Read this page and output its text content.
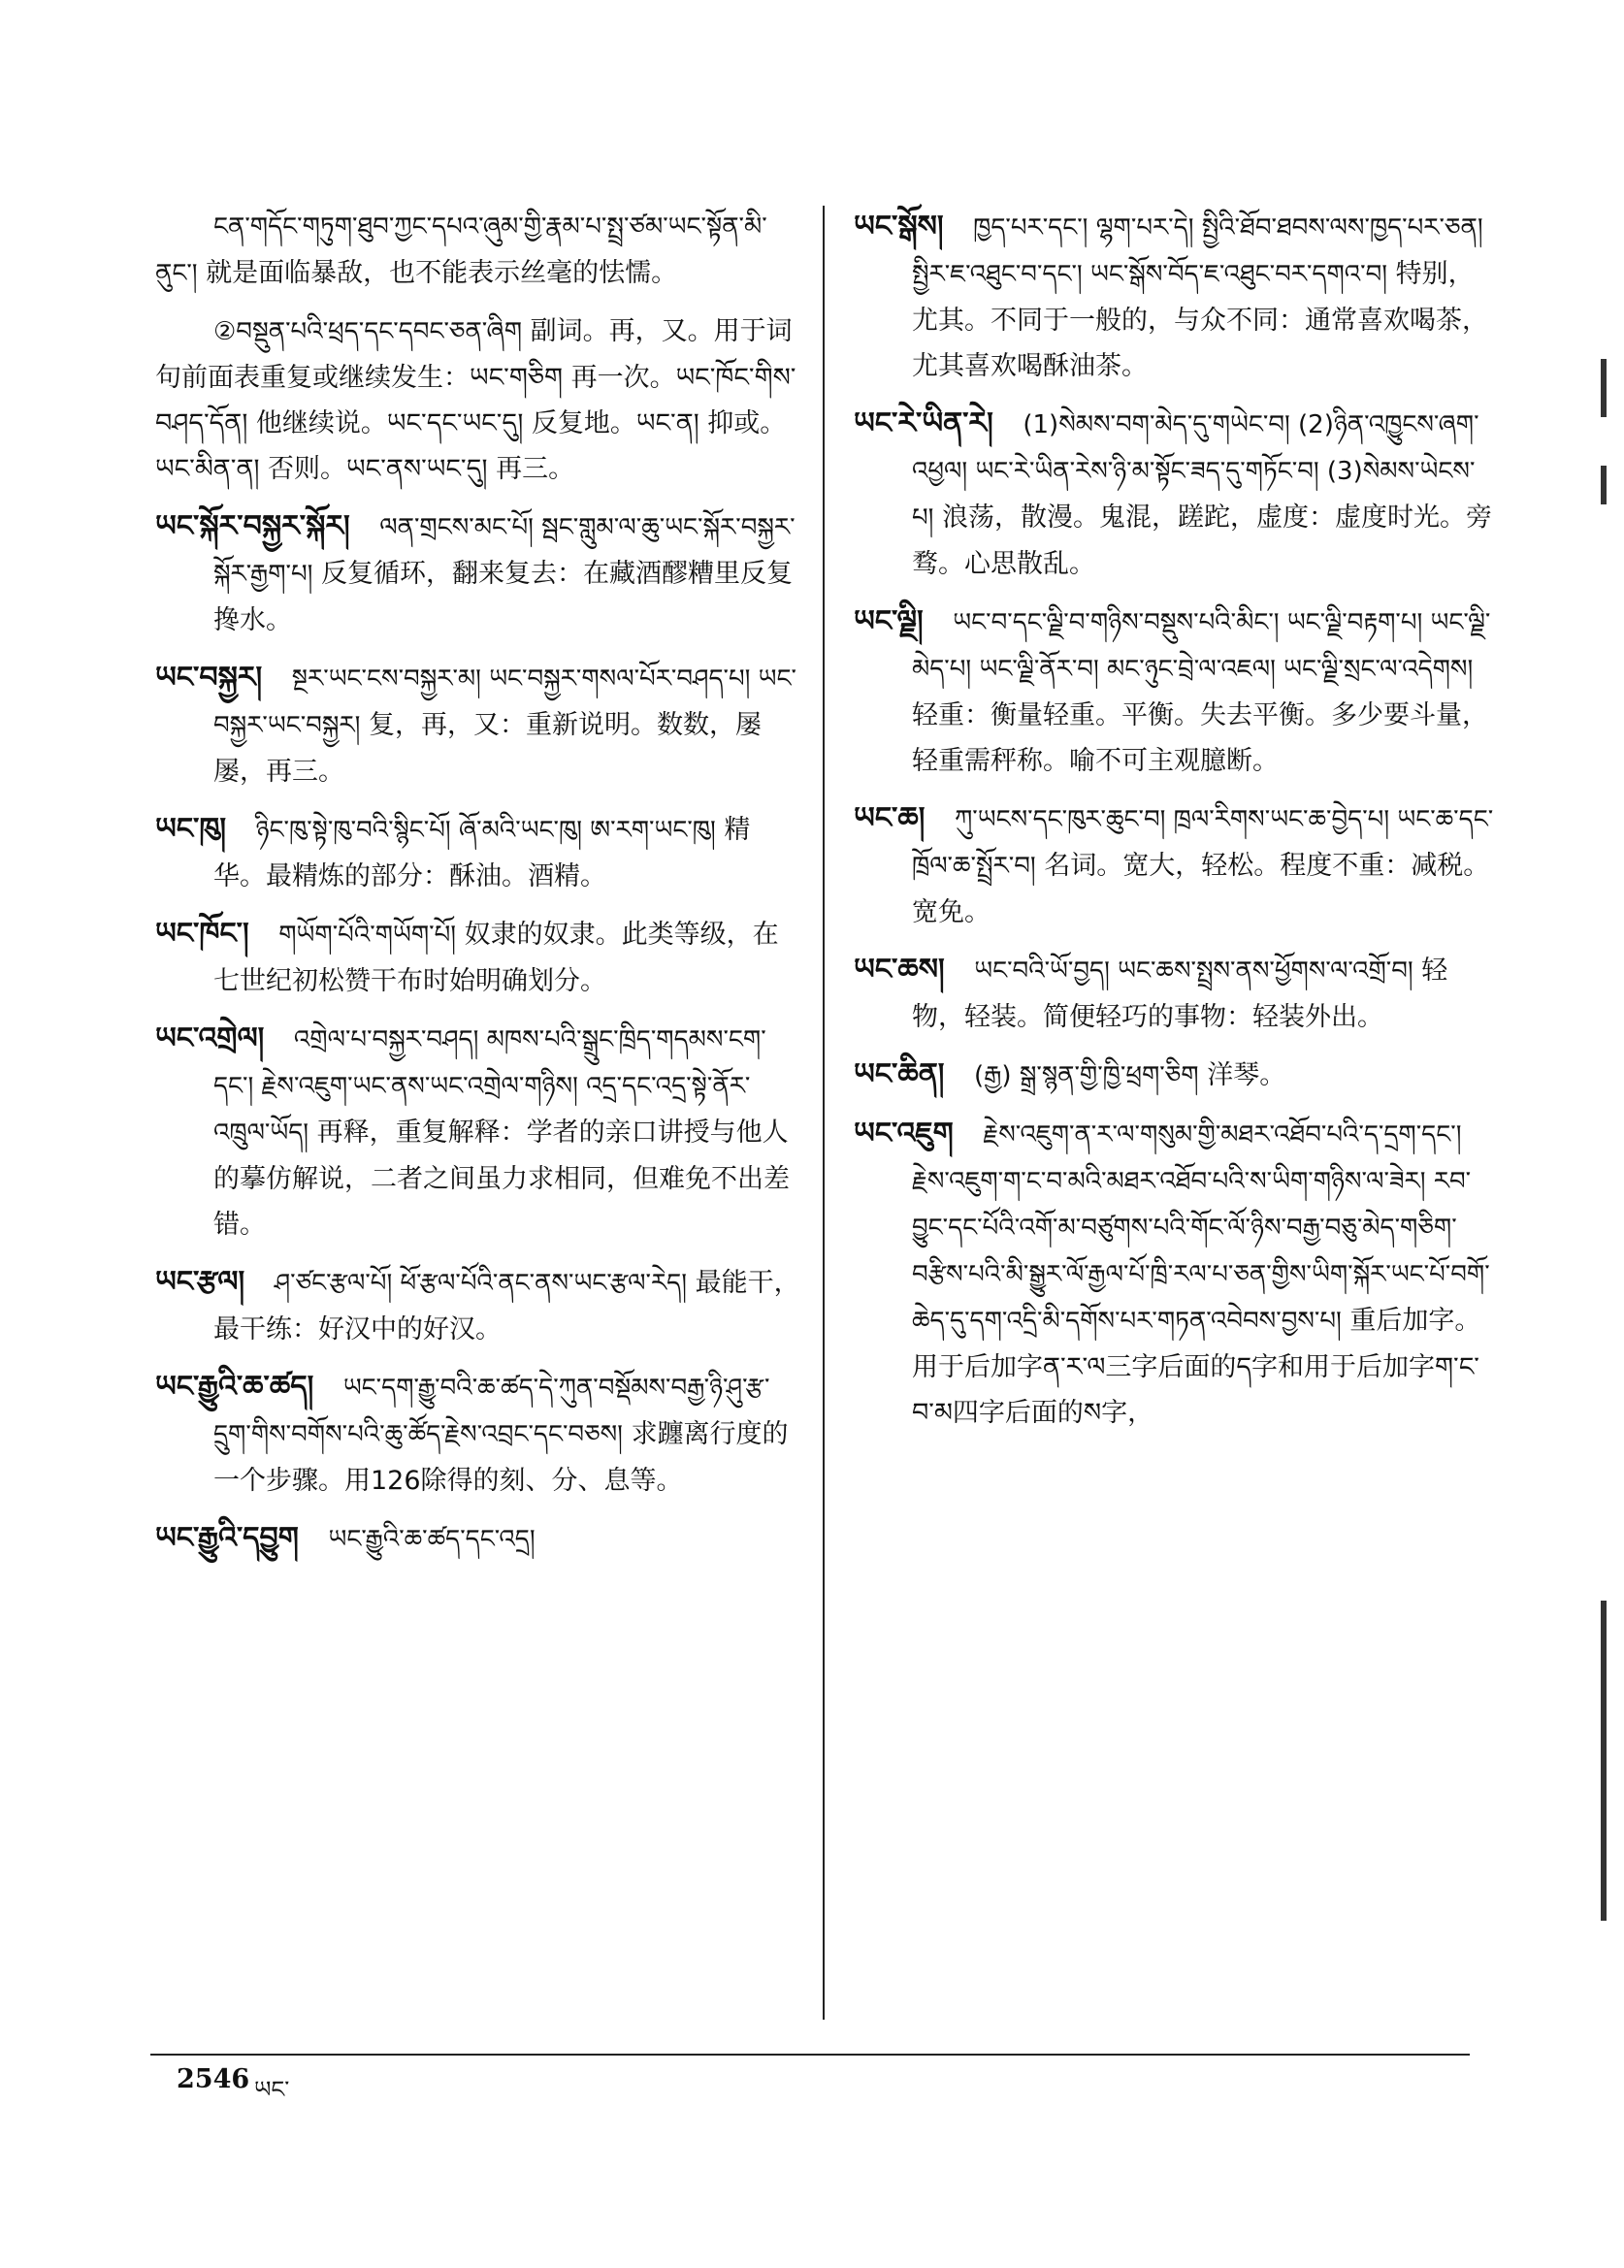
ངན་གདོང་གཏུག་ཐུབ་ཀྱང་དཔའ་ཞུམ་གྱི་རྣམ་པ་སྤྲ་ཙམ་ཡང་སྟོན་མི་ནུང་། 就是面临暴敌，也不能表示丝毫的怯懦。
②བསྡུན་པའི་ཕྲད་དང་དབང་ཅན་ཞིག 副词。再，又。用于词句前面表重复或继续发生：ཡང་གཅིག 再一次。ཡང་ཁོང་གིས་བཤད་དོན། 他继续说。ཡང་དང་ཡང་དུ། 反复地。ཡང་ན། 抑或。ཡང་མིན་ན། 否则。ཡང་ནས་ཡང་དུ། 再三。
ཡང་སྐོར་བསྐྱར་སྐོར། ལན་གྲངས་མང་པོ། སྦང་གླུམ་ལ་ཆུ་ཡང་སྐོར་བསྐྱར་སྐོར་རྒྱག་པ། 反复循环，翻来复去：在藏酒醪糟里反复搀水。
ཡང་བསྐྱར། སྔར་ཡང་ངས་བསྐྱར་མ། ཡང་བསྐྱར་གསལ་པོར་བཤད་པ། ཡང་བསྐྱར་ཡང་བསྐྱར། 复，再，又：重新说明。数数，屡屡，再三。
ཡང་ཁུ། ཉིང་ཁུ་སྟེ་ཁུ་བའི་སྙིང་པོ། ཞོ་མའི་ཡང་ཁུ། ཨ་རག་ཡང་ཁུ། 精华。最精炼的部分：酥油。酒精。
ཡང་ཁོང་། གཡོག་པོའི་གཡོག་པོ། 奴隶的奴隶。此类等级，在七世纪初松赞干布时始明确划分。
ཡང་འགྲེལ། འགྲེལ་པ་བསྐྱར་བཤད། མཁས་པའི་སྒྲུང་ཁྲིད་གདམས་ངག་དང་། རྗེས་འཇུག་ཡང་ནས་ཡང་འགྲེལ་གཉིས། འདྲ་དང་འདྲ་སྟེ་ནོར་འཁྲུལ་ཡོད། 再释，重复解释：学者的亲口讲授与他人的摹仿解说，二者之间虽力求相同，但难免不出差错。
ཡང་རྩལ། ཤ་ཙང་རྩལ་པོ། ཕོ་རྩལ་པོའི་ནང་ནས་ཡང་རྩལ་རེད། 最能干，最干练：好汉中的好汉。
ཡང་རྒྱུའི་ཆ་ཚད། ཡང་དག་རྒྱུ་བའི་ཆ་ཚད་དེ་ཀུན་བསྡོམས་བརྒྱ་ཉི་ཤུ་རྩ་དྲུག་གིས་བགོས་པའི་ཆུ་ཚོད་རྗེས་འབྲང་དང་བཅས། 求躔离行度的一个步骤。用126除得的刻、分、息等。
ཡང་རྒྱུའི་དབྱུག ཡང་རྒྱུའི་ཆ་ཚད་དང་འདྲ།
ཡང་སྒོས། ཁྱད་པར་དང་། ལྷག་པར་དེ། སྤྱིའི་ཐོབ་ཐབས་ལས་ཁྱད་པར་ཅན། སྤྱིར་ཇ་འཐུང་བ་དང་། ཡང་སྒོས་བོད་ཇ་འཐུང་བར་དགའ་བ། 特别，尤其。不同于一般的，与众不同：通常喜欢喝茶，尤其喜欢喝酥油茶。
ཡང་རེ་ཡིན་རེ། (1)སེམས་བག་མེད་དུ་གཡེང་བ། (2)ཉིན་འཁྱུངས་ཞག་འཕྱལ། ཡང་རེ་ཡིན་རེས་ཉི་མ་སྟོང་ཟད་དུ་གཏོང་བ། (3)སེམས་ཡེངས་པ། 浪荡，散漫。鬼混，蹉跎，虚度：虚度时光。旁骛。心思散乱。
ཡང་ལྗི། ཡང་བ་དང་ལྗི་བ་གཉིས་བསྡུས་པའི་མིང་། ཡང་ལྗི་བརྟག་པ། ཡང་ལྗི་མེད་པ། ཡང་ལྗི་ནོར་བ། མང་ཉུང་བྲེ་ལ་འཇལ། ཡང་ལྗི་སྲང་ལ་འདེགས། 轻重：衡量轻重。平衡。失去平衡。多少要斗量，轻重需秤称。喻不可主观臆断。
ཡང་ཆ། ཀུ་ཡངས་དང་ཁུར་ཆུང་བ། ཁྲལ་རིགས་ཡང་ཆ་བྱེད་པ། ཡང་ཆ་དང་ཁྲོལ་ཆ་སྤྲོར་བ། 名词。宽大，轻松。程度不重：减税。宽免。
ཡང་ཆས། ཡང་བའི་ཡོ་བྱད། ཡང་ཆས་སྤྲས་ནས་ཕྱོགས་ལ་འགྲོ་བ། 轻物，轻装。简便轻巧的事物：轻装外出。
ཡང་ཆིན། (རྒྱ) སྒྲ་སྙན་གྱི་ཁྱི་ཕྲག་ཅིག 洋琴。
ཡང་འཇུག རྗེས་འཇུག་ན་ར་ལ་གསུམ་གྱི་མཐར་འཐོབ་པའི་ད་དྲག་དང་། རྗེས་འཇུག་ག་ང་བ་མའི་མཐར་འཐོབ་པའི་ས་ཡིག་གཉིས་ལ་ཟེར། རབ་བྱུང་དང་པོའི་འགོ་མ་བཙུགས་པའི་གོང་ལོ་ཉིས་བརྒྱ་བཅུ་མེད་གཅིག་བརྩིས་པའི་མི་སྒྱུར་ལོ་རྒྱལ་པོ་ཁྲི་རལ་པ་ཅན་གྱིས་ཡིག་སྐོར་ཡང་པོ་བགོ་ཆེད་དུ་དག་འདྲི་མི་དགོས་པར་གཏན་འབེབས་བྱས་པ། 重后加字。用于后加字ན་ར་ལ三字后面的ད字和用于后加字ག་ང་བ་མ四字后面的ས字，
2546 ཡང་
